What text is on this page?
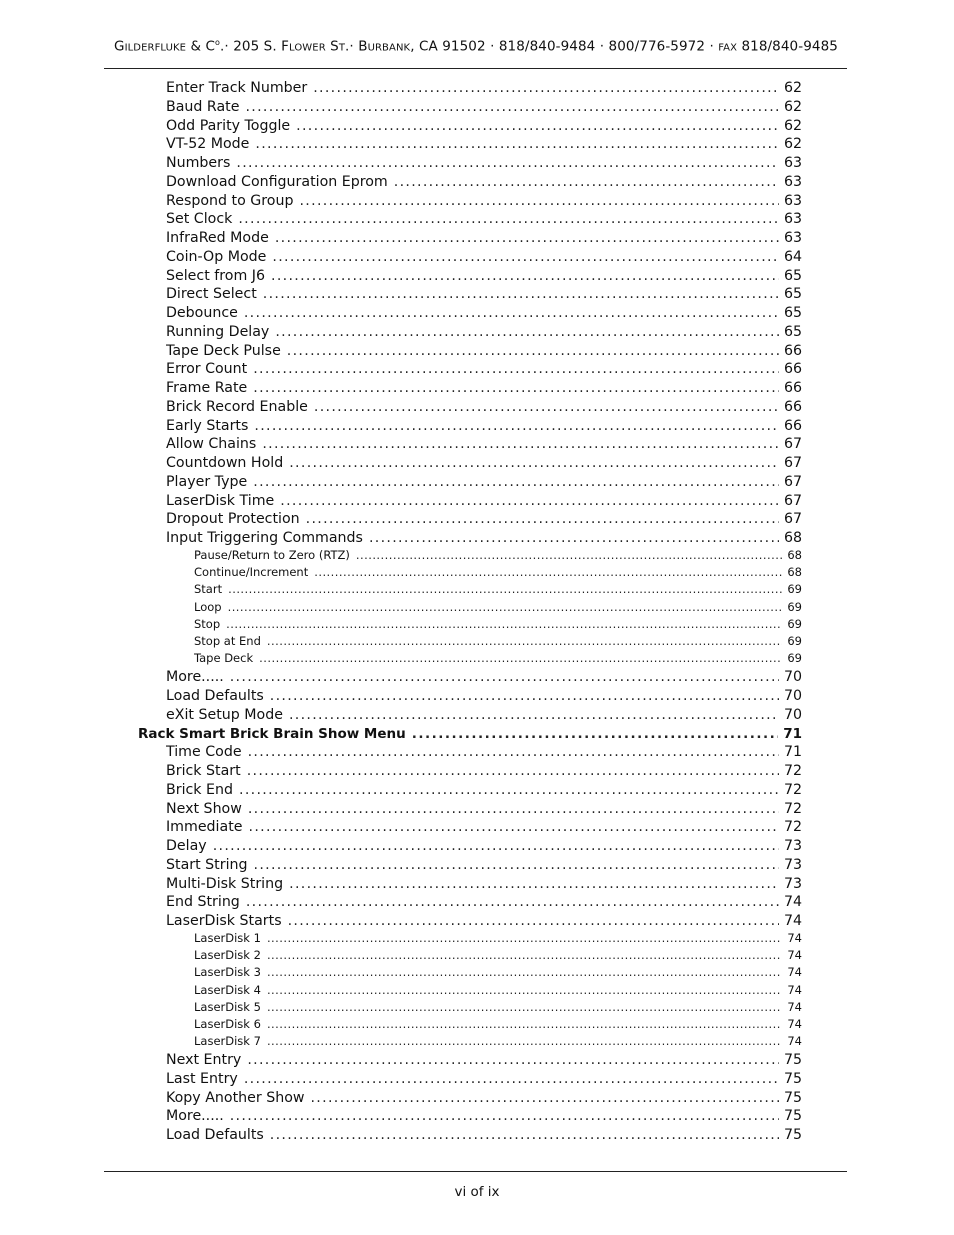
GILDERFLUKE & $C^o.\cdot 205$ S. FLOWER ST.· BURBANK, CA 91502 · 818/840-9484 · 800/776-5972 · FAX 818/840-9485
Enter Track Number . . .	62
Baud Rate . . .	62
Odd Parity Toggle . . .	62
VT-52 Mode . . .	62
Numbers . . .	63
Download Configuration Eprom . . .	63
Respond to Group . . .	63
Set Clock . . .	63
InfraRed Mode . . .	63
Coin-Op Mode . . .	64
Select from J6 . . .	65
Direct Select . . .	65
Debounce . . .	65
Running Delay . . .	65
Tape Deck Pulse . . .	66
Error Count . . .	66
Frame Rate . . .	66
Brick Record Enable . . .	66
Early Starts . . .	66
Allow Chains . . .	67
Countdown Hold . . .	67
Player Type . . .	67
LaserDisk Time . . .	67
Dropout Protection . . .	67
Input Triggering Commands . . .	68
Pause/Return to Zero (RTZ) . . .	68
Continue/Increment . . .	68
Start . . .	69
Loop . . .	69
Stop . . .	69
Stop at End . . .	69
Tape Deck . . .	69
More..... . . .	70
Load Defaults . . .	70
eXit Setup Mode . . .	70
Rack Smart Brick Brain Show Menu . . .	71
Time Code . . .	71
Brick Start . . .	72
Brick End . . .	72
Next Show . . .	72
Immediate . . .	72
Delay . . .	73
Start String . . .	73
Multi-Disk String . . .	73
End String . . .	74
LaserDisk Starts . . .	74
LaserDisk 1 . . .	74
LaserDisk 2 . . .	74
LaserDisk 3 . . .	74
LaserDisk 4 . . .	74
LaserDisk 5 . . .	74
LaserDisk 6 . . .	74
LaserDisk 7 . . .	74
Next Entry . . .	75
Last Entry . . .	75
Kopy Another Show . . .	75
More..... . . .	75
Load Defaults . . .	75
vi of ix
